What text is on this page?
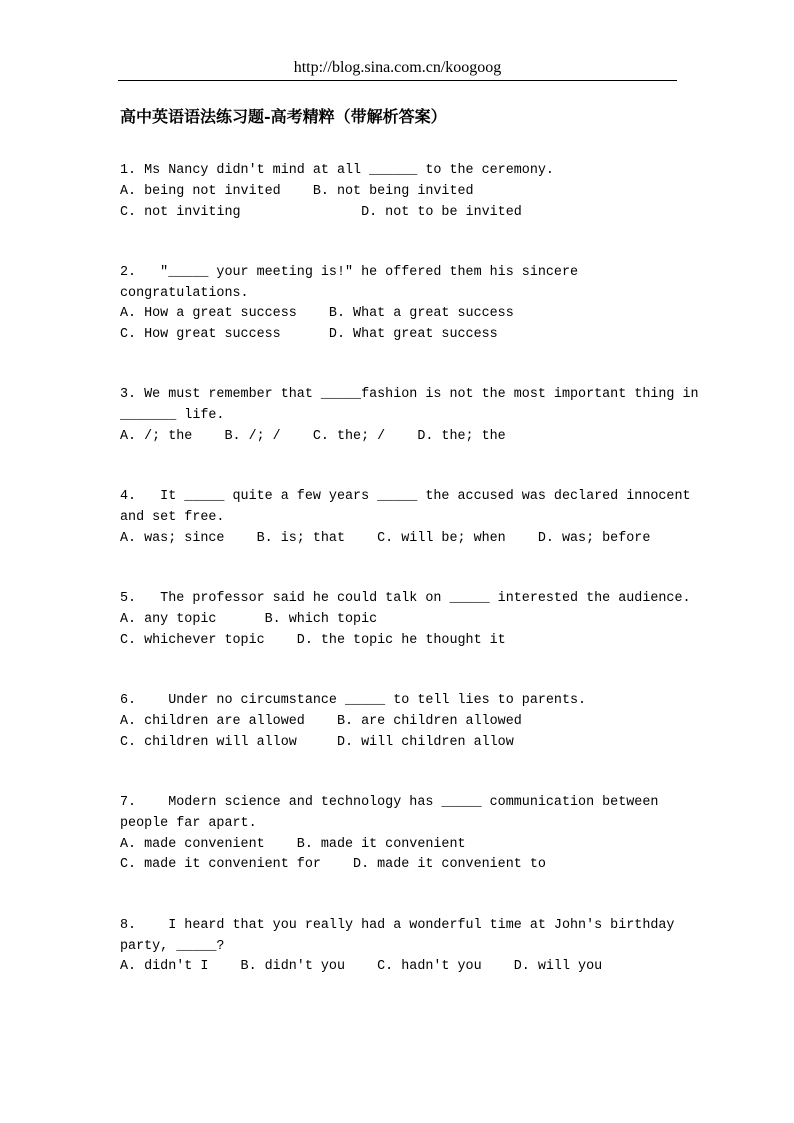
http://blog.sina.com.cn/koogoog
高中英语语法练习题-高考精粹（带解析答案）
1. Ms Nancy didn't mind at all ______ to the ceremony.
A. being not invited    B. not being invited
C. not inviting               D. not to be invited
2.   "_____ your meeting is!" he offered them his sincere
congratulations.
A. How a great success    B. What a great success
C. How great success      D. What great success
3. We must remember that _____fashion is not the most important thing in
_______ life.
A. /; the    B. /; /    C. the; /    D. the; the
4.   It _____ quite a few years _____ the accused was declared innocent
and set free.
A. was; since    B. is; that    C. will be; when    D. was; before
5.   The professor said he could talk on _____ interested the audience.
A. any topic      B. which topic
C. whichever topic    D. the topic he thought it
6.    Under no circumstance _____ to tell lies to parents.
A. children are allowed    B. are children allowed
C. children will allow     D. will children allow
7.    Modern science and technology has _____ communication between
people far apart.
A. made convenient    B. made it convenient
C. made it convenient for    D. made it convenient to
8.    I heard that you really had a wonderful time at John's birthday
party, _____?
A. didn't I    B. didn't you    C. hadn't you    D. will you
